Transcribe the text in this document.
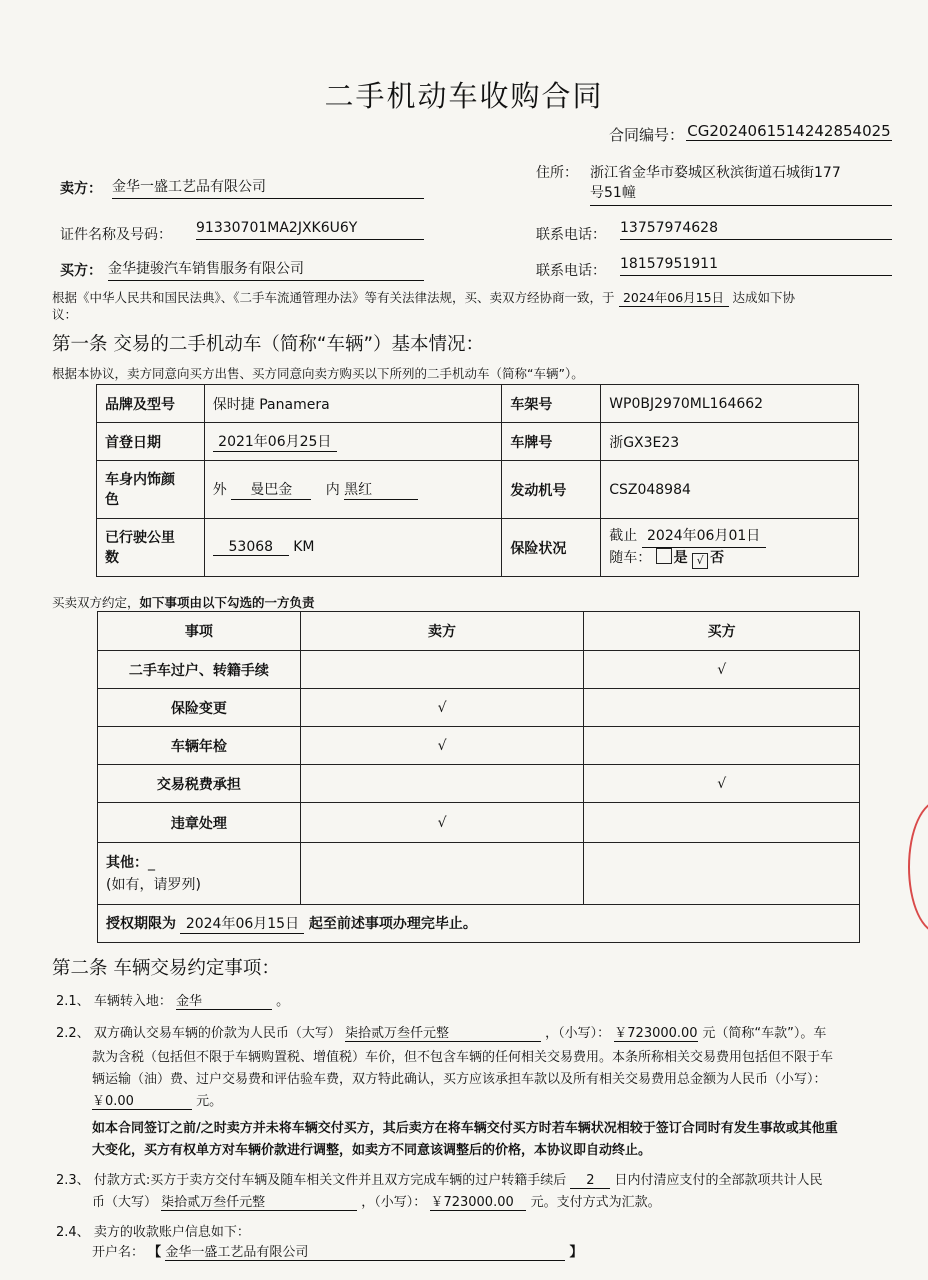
二手机动车收购合同
合同编号： CG2024061514242854025
卖方： 金华一盛工艺品有限公司
住所： 浙江省金华市婺城区秋滨街道石城街177
号51幢
证件名称及号码： 91330701MA2JXK6U6Y	联系电话： 13757974628
买方： 金华捷骏汽车销售服务有限公司	联系电话： 18157951911
根据《中华人民共和国民法典》、《二手车流通管理办法》等有关法律法规，买、卖双方经协商一致，于 2024年06月15日 达成如下协
议：
第一条 交易的二手机动车（简称“车辆”）基本情况：
根据本协议，卖方同意向买方出售、买方同意向卖方购买以下所列的二手机动车（简称“车辆”）。
品牌及型号	保时捷 Panamera	车架号	WP0BJ2970ML164662
首登日期	2021年06月25日	车牌号	浙GX3E23
车身内饰颜
色	外 曼巴金 内 黑红	发动机号	CSZ048984
已行驶公里
数	53068 KM	保险状况	截止 2024年06月01日
随车： 是 √ 否
买卖双方约定，如下事项由以下勾选的一方负责
事项	卖方	买方
二手车过户、转籍手续		√
保险变更	√	
车辆年检	√	
交易税费承担		√
违章处理	√	
其他：_
(如有，请罗列)		
授权期限为 2024年06月15日 起至前述事项办理完毕止。		
第二条 车辆交易约定事项：
2.1、 车辆转入地： 金华	。
2.2、 双方确认交易车辆的价款为人民币（大写） 柒拾贰万叁仟元整	，（小写）： ￥723000.00 元（简称“车款”）。车
款为含税（包括但不限于车辆购置税、增值税）车价，但不包含车辆的任何相关交易费用。本条所称相关交易费用包括但不限于车
辆运输（油）费、过户交易费和评估验车费，双方特此确认，买方应该承担车款以及所有相关交易费用总金额为人民币（小写）：
￥0.00	元。
如本合同签订之前/之时卖方并未将车辆交付买方，其后卖方在将车辆交付买方时若车辆状况相较于签订合同时有发生事故或其他重
大变化，买方有权单方对车辆价款进行调整，如卖方不同意该调整后的价格，本协议即自动终止。
2.3、 付款方式:买方于卖方交付车辆及随车相关文件并且双方完成车辆的过户转籍手续后 2 日内付清应支付的全部款项共计人民
币（大写） 柒拾贰万叁仟元整	，（小写）： ￥723000.00 元。支付方式为汇款。
2.4、 卖方的收款账户信息如下：
开户名： 【 金华一盛工艺品有限公司	】
